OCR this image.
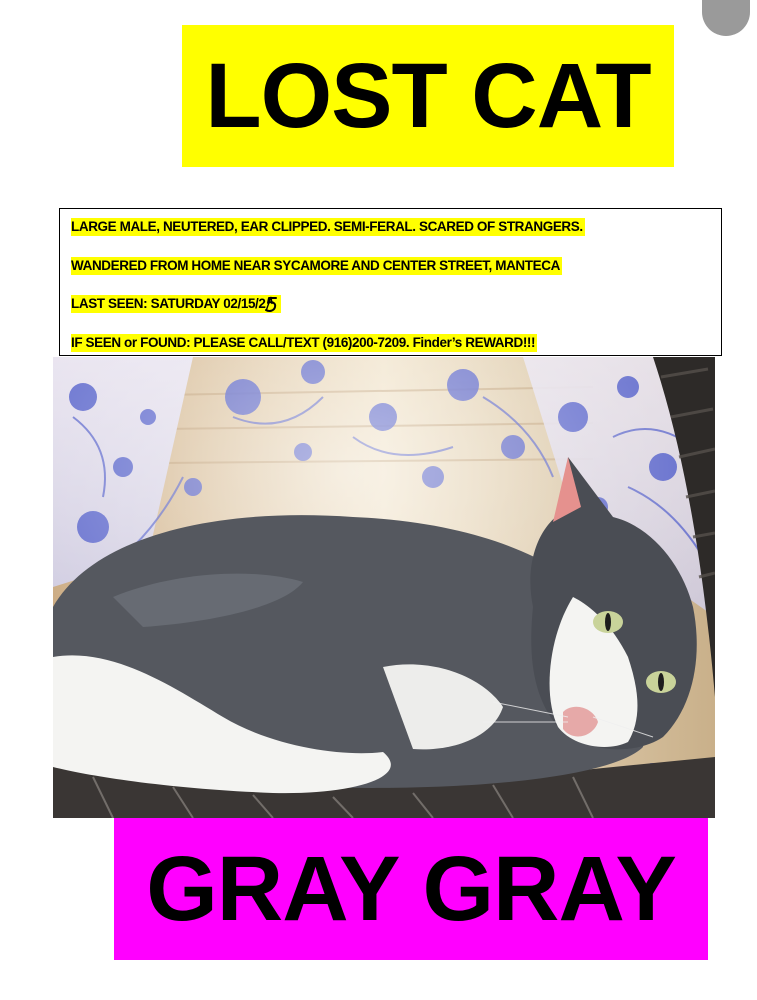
LOST CAT
LARGE MALE, NEUTERED, EAR CLIPPED. SEMI-FERAL. SCARED OF STRANGERS.
WANDERED FROM HOME NEAR SYCAMORE AND CENTER STREET, MANTECA
LAST SEEN: SATURDAY 02/15/2
IF SEEN or FOUND: PLEASE CALL/TEXT (916)200-7209. Finder’s REWARD!!!
GRAY GRAY
